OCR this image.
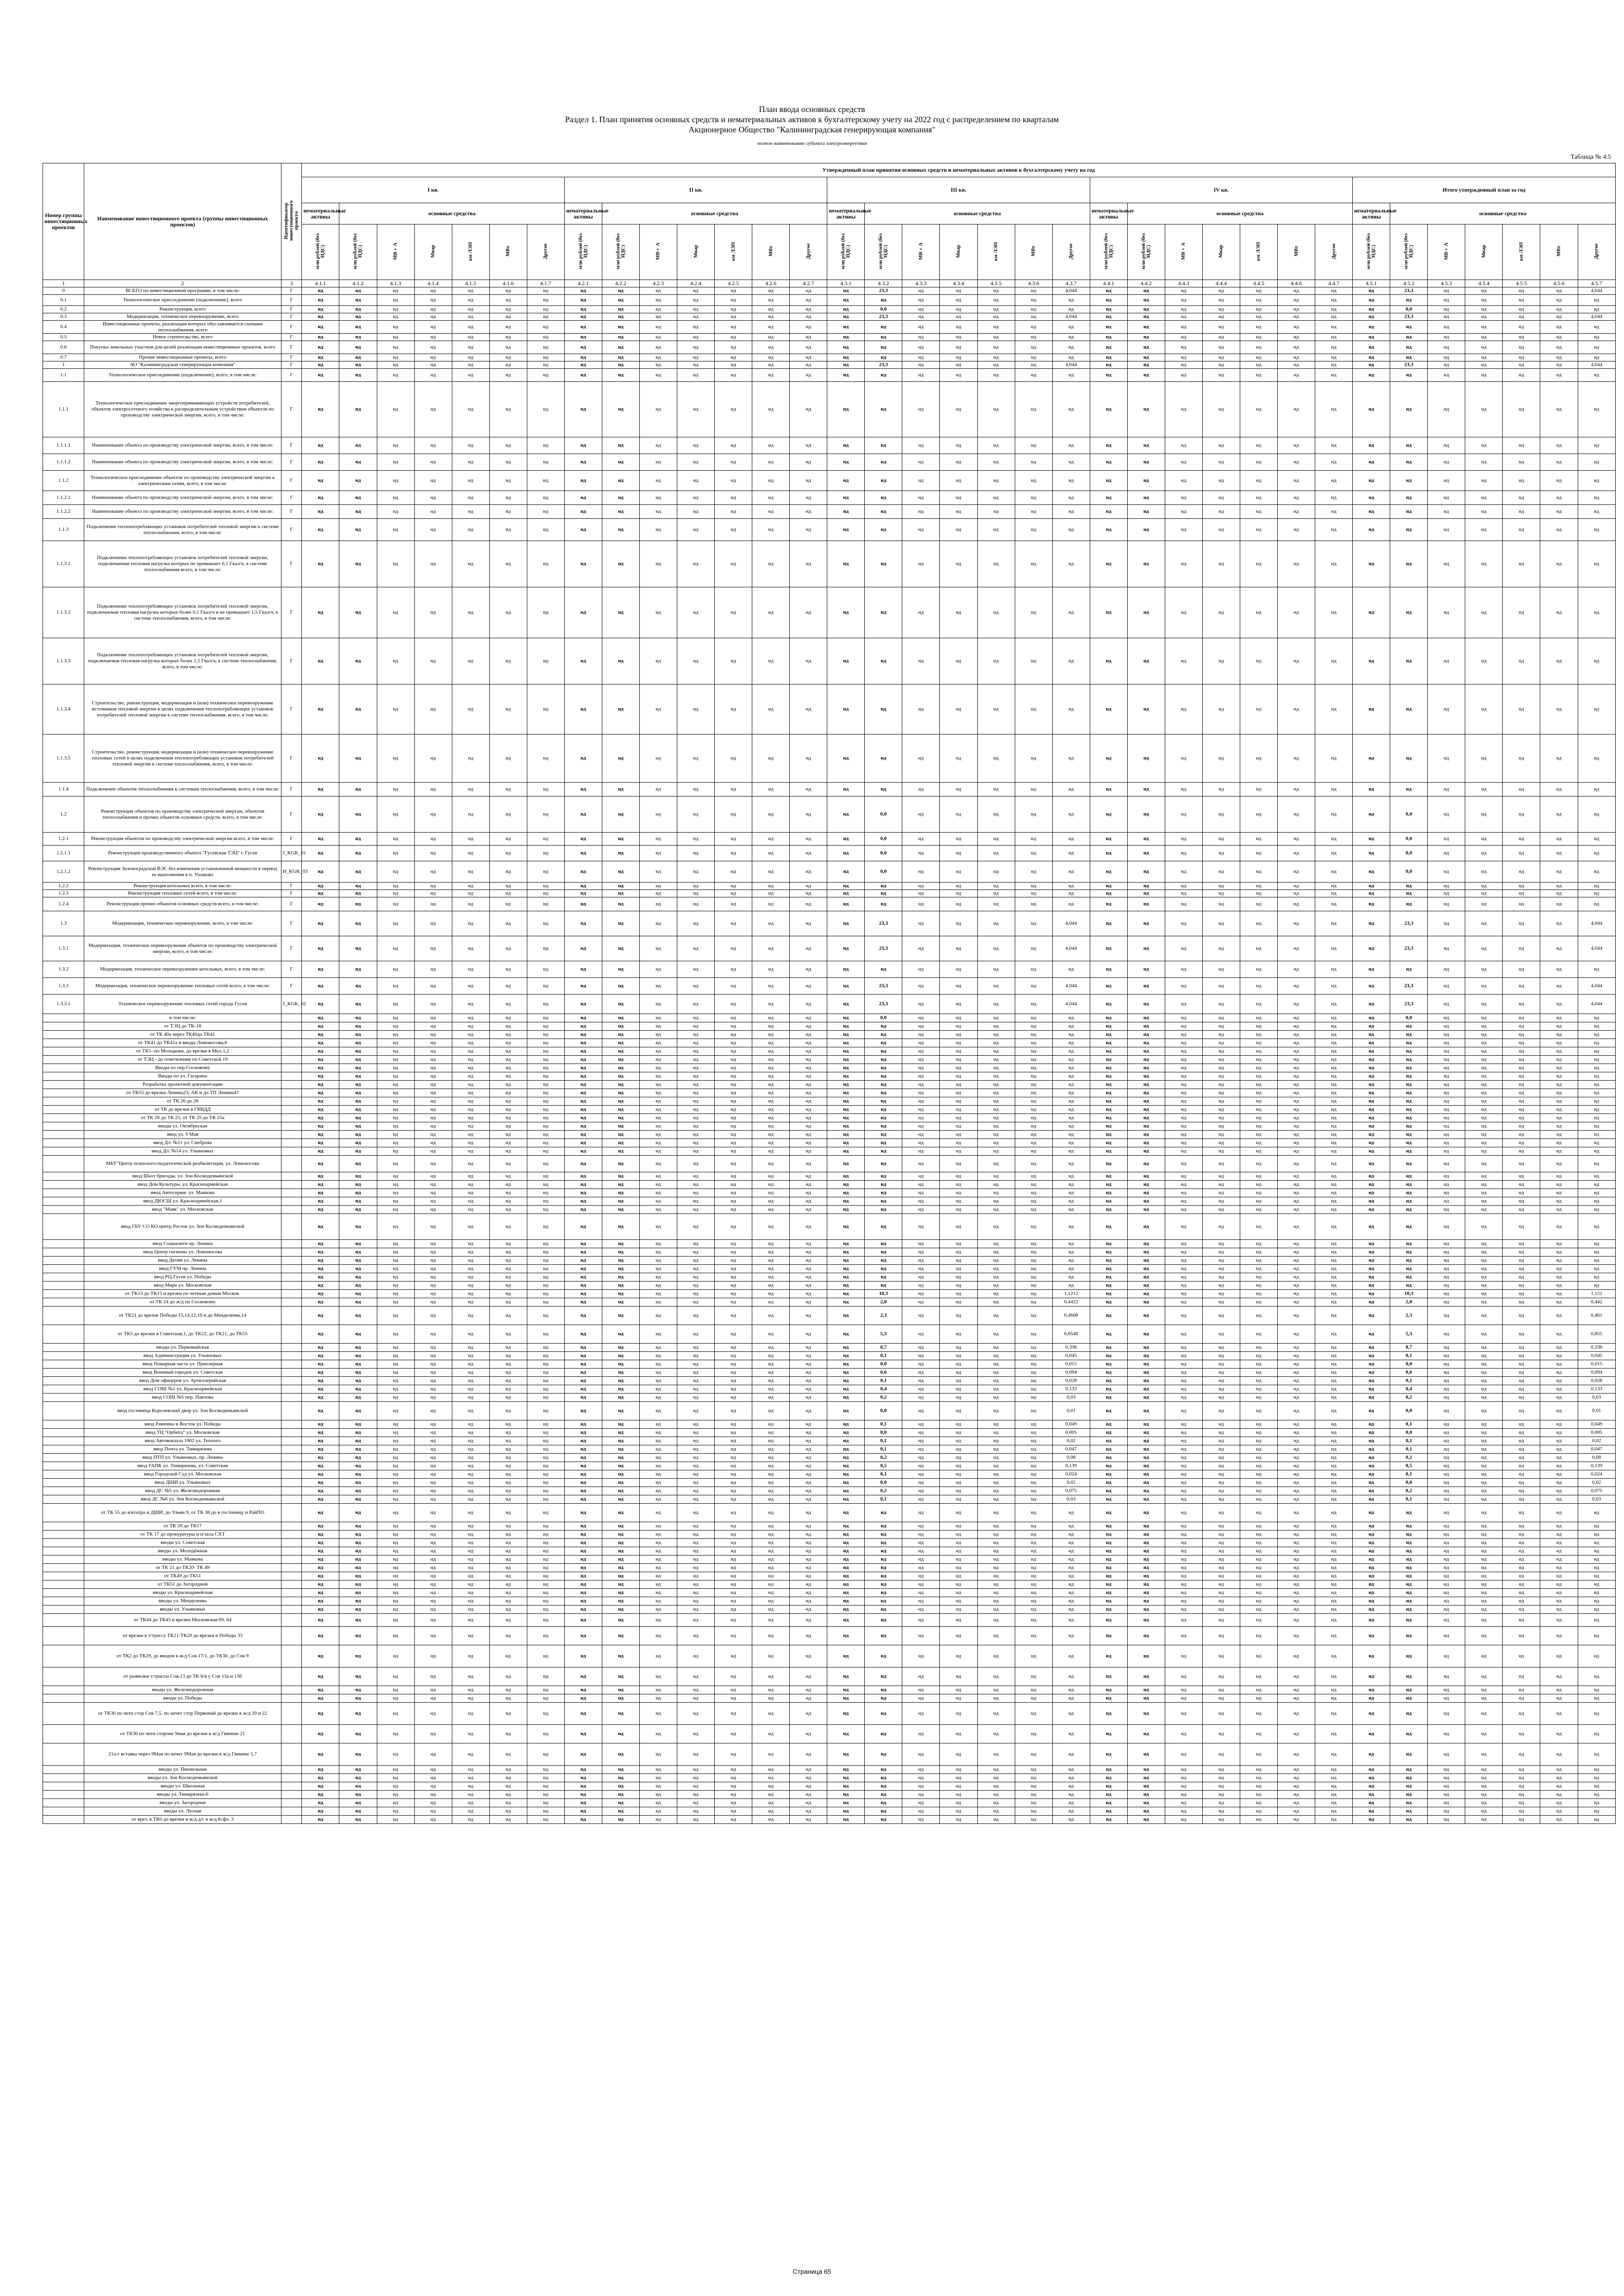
План ввода основных средств
Раздел 1. План принятия основных средств и нематериальных активов к бухгалтерскому учету на 2022 год с распределением по кварталам
Акционерное Общество "Калининградская генерирующая компания"
полное наименование субъекта электроэнергетики
Таблица № 4.5
Номер группы инвестиционных проектов	Наименование инвестиционного проекта (группы инвестиционных проектов)	Идентификатор инвестиционного проекта	Утвержденный план принятия основных средств и нематериальных активов к бухгалтерскому учету на год																																		
			I кв.							II кв.							III кв.							IV кв.							Итого утвержденный план за год						
			нематериальные активы	основные средства						нематериальные активы	основные средства						нематериальные активы	основные средства						нематериальные активы	основные средства						нематериальные активы	основные средства					
			млн рублей (без НДС)	млн рублей (без НДС)	МВ×А	Мвар	км ЛЭП	МВт	Другое	млн рублей (без НДС)	млн рублей (без НДС)	МВ×А	Мвар	км ЛЭП	МВт	Другое	млн рублей (без НДС)	млн рублей (без НДС)	МВ×А	Мвар	км ЛЭП	МВт	Другое	млн рублей (без НДС)	млн рублей (без НДС)	МВ×А	Мвар	км ЛЭП	МВт	Другое	млн рублей (без НДС)	млн рублей (без НДС)	МВ×А	Мвар	км ЛЭП	МВт	Другое
1	2	3	4.1.1	4.1.2	4.1.3	4.1.4	4.1.5	4.1.6	4.1.7	4.2.1	4.2.2	4.2.3	4.2.4	4.2.5	4.2.6	4.2.7	4.3.1	4.3.2	4.3.3	4.3.4	4.3.5	4.3.6	4.3.7	4.4.1	4.4.2	4.4.3	4.4.4	4.4.5	4.4.6	4.4.7	4.5.1	4.5.2	4.5.3	4.5.4	4.5.5	4.5.6	4.5.7
0	ВСЕГО по инвестиционной программе, в том числе:	Г	нд	нд	нд	нд	нд	нд	нд	нд	нд	нд	нд	нд	нд	нд	нд	23,3	нд	нд	нд	нд	4,044	нд	нд	нд	нд	нд	нд	нд	нд	23,3	нд	нд	нд	нд	4,044
0.1	Технологическое присоединение (подключение), всего	Г	нд	нд	нд	нд	нд	нд	нд	нд	нд	нд	нд	нд	нд	нд	нд	нд	нд	нд	нд	нд	нд	нд	нд	нд	нд	нд	нд	нд	нд	нд	нд	нд	нд	нд	нд
0.2	Реконструкция, всего	Г	нд	нд	нд	нд	нд	нд	нд	нд	нд	нд	нд	нд	нд	нд	нд	0,0	нд	нд	нд	нд	нд	нд	нд	нд	нд	нд	нд	нд	нд	0,0	нд	нд	нд	нд	нд
0.3	Модернизация, техническое перевооружение, всего	Г	нд	нд	нд	нд	нд	нд	нд	нд	нд	нд	нд	нд	нд	нд	нд	23,3	нд	нд	нд	нд	4,044	нд	нд	нд	нд	нд	нд	нд	нд	23,3	нд	нд	нд	нд	4,044
0.4	Инвестиционные проекты, реализация которых обуславливается схемами теплоснабжения, всего	Г	нд	нд	нд	нд	нд	нд	нд	нд	нд	нд	нд	нд	нд	нд	нд	нд	нд	нд	нд	нд	нд	нд	нд	нд	нд	нд	нд	нд	нд	нд	нд	нд	нд	нд	нд
0.5	Новое строительство, всего	Г	нд	нд	нд	нд	нд	нд	нд	нд	нд	нд	нд	нд	нд	нд	нд	нд	нд	нд	нд	нд	нд	нд	нд	нд	нд	нд	нд	нд	нд	нд	нд	нд	нд	нд	нд
0.6	Покупка земельных участков для целей реализации инвестиционных проектов, всего	Г	нд	нд	нд	нд	нд	нд	нд	нд	нд	нд	нд	нд	нд	нд	нд	нд	нд	нд	нд	нд	нд	нд	нд	нд	нд	нд	нд	нд	нд	нд	нд	нд	нд	нд	нд
0.7	Прочие инвестиционные проекты, всего	Г	нд	нд	нд	нд	нд	нд	нд	нд	нд	нд	нд	нд	нд	нд	нд	нд	нд	нд	нд	нд	нд	нд	нд	нд	нд	нд	нд	нд	нд	нд	нд	нд	нд	нд	нд
1	АО "Калининградская генерирующая компания"	Г	нд	нд	нд	нд	нд	нд	нд	нд	нд	нд	нд	нд	нд	нд	нд	23,3	нд	нд	нд	нд	4,044	нд	нд	нд	нд	нд	нд	нд	нд	23,3	нд	нд	нд	нд	4,044
1.1	Технологическое присоединение (подключение), всего, в том числе:	Г	нд	нд	нд	нд	нд	нд	нд	нд	нд	нд	нд	нд	нд	нд	нд	нд	нд	нд	нд	нд	нд	нд	нд	нд	нд	нд	нд	нд	нд	нд	нд	нд	нд	нд	нд
1.1.1	Технологическое присоединение энергопринимающих устройств потребителей, объектов электросетевого хозяйства к распределительным устройствам объектов по производству электрической энергии, всего, в том числе:	Г	нд	нд	нд	нд	нд	нд	нд	нд	нд	нд	нд	нд	нд	нд	нд	нд	нд	нд	нд	нд	нд	нд	нд	нд	нд	нд	нд	нд	нд	нд	нд	нд	нд	нд	нд
1.1.1.1	Наименование объекта по производству электрической энергии, всего, в том числе:	Г	нд	нд	нд	нд	нд	нд	нд	нд	нд	нд	нд	нд	нд	нд	нд	нд	нд	нд	нд	нд	нд	нд	нд	нд	нд	нд	нд	нд	нд	нд	нд	нд	нд	нд	нд
1.1.1.2	Наименование объекта по производству электрической энергии, всего, в том числе:	Г	нд	нд	нд	нд	нд	нд	нд	нд	нд	нд	нд	нд	нд	нд	нд	нд	нд	нд	нд	нд	нд	нд	нд	нд	нд	нд	нд	нд	нд	нд	нд	нд	нд	нд	нд
1.1.2	Технологическое присоединение объектов по производству электрической энергии к электрическим сетям, всего, в том числе:	Г	нд	нд	нд	нд	нд	нд	нд	нд	нд	нд	нд	нд	нд	нд	нд	нд	нд	нд	нд	нд	нд	нд	нд	нд	нд	нд	нд	нд	нд	нд	нд	нд	нд	нд	нд
1.1.2.1	Наименование объекта по производству электрической энергии, всего, в том числе:	Г	нд	нд	нд	нд	нд	нд	нд	нд	нд	нд	нд	нд	нд	нд	нд	нд	нд	нд	нд	нд	нд	нд	нд	нд	нд	нд	нд	нд	нд	нд	нд	нд	нд	нд	нд
1.1.2.2	Наименование объекта по производству электрической энергии, всего, в том числе:	Г	нд	нд	нд	нд	нд	нд	нд	нд	нд	нд	нд	нд	нд	нд	нд	нд	нд	нд	нд	нд	нд	нд	нд	нд	нд	нд	нд	нд	нд	нд	нд	нд	нд	нд	нд
1.1.3	Подключение теплопотребляющих установок потребителей тепловой энергии к системе теплоснабжения, всего, в том числе:	Г	нд	нд	нд	нд	нд	нд	нд	нд	нд	нд	нд	нд	нд	нд	нд	нд	нд	нд	нд	нд	нд	нд	нд	нд	нд	нд	нд	нд	нд	нд	нд	нд	нд	нд	нд
1.1.3.1	Подключение теплопотребляющих установок потребителей тепловой энергии, подключаемая тепловая нагрузка которых не превышает 0,1 Гкал/ч, к системе теплоснабжения всего, в том числе:	Г	нд	нд	нд	нд	нд	нд	нд	нд	нд	нд	нд	нд	нд	нд	нд	нд	нд	нд	нд	нд	нд	нд	нд	нд	нд	нд	нд	нд	нд	нд	нд	нд	нд	нд	нд
1.1.3.2	Подключение теплопотребляющих установок потребителей тепловой энергии, подключаемая тепловая нагрузка которых более 0,1 Гкал/ч и не превышает 1,5 Гкал/ч, к системе теплоснабжения, всего, в том числе:	Г	нд	нд	нд	нд	нд	нд	нд	нд	нд	нд	нд	нд	нд	нд	нд	нд	нд	нд	нд	нд	нд	нд	нд	нд	нд	нд	нд	нд	нд	нд	нд	нд	нд	нд	нд
1.1.3.3	Подключение теплопотребляющих установок потребителей тепловой энергии, подключаемая тепловая нагрузка которых более 1,5 Гкал/ч, к системе теплоснабжения, всего, в том числе:	Г	нд	нд	нд	нд	нд	нд	нд	нд	нд	нд	нд	нд	нд	нд	нд	нд	нд	нд	нд	нд	нд	нд	нд	нд	нд	нд	нд	нд	нд	нд	нд	нд	нд	нд	нд
1.1.3.4	Строительство, реконструкция, модернизация и (или) техническое перевооружение источников тепловой энергии в целях подключения теплопотребляющих установок потребителей тепловой энергии к системе теплоснабжения, всего, в том числе:	Г	нд	нд	нд	нд	нд	нд	нд	нд	нд	нд	нд	нд	нд	нд	нд	нд	нд	нд	нд	нд	нд	нд	нд	нд	нд	нд	нд	нд	нд	нд	нд	нд	нд	нд	нд
1.1.3.5	Строительство, реконструкция, модернизация и (или) техническое перевооружение тепловых сетей в целях подключения теплопотребляющих установок потребителей тепловой энергии к системе теплоснабжения, всего, в том числе:	Г	нд	нд	нд	нд	нд	нд	нд	нд	нд	нд	нд	нд	нд	нд	нд	нд	нд	нд	нд	нд	нд	нд	нд	нд	нд	нд	нд	нд	нд	нд	нд	нд	нд	нд	нд
1.1.4	Подключение объектов теплоснабжения к системам теплоснабжения, всего, в том числе:	Г	нд	нд	нд	нд	нд	нд	нд	нд	нд	нд	нд	нд	нд	нд	нд	нд	нд	нд	нд	нд	нд	нд	нд	нд	нд	нд	нд	нд	нд	нд	нд	нд	нд	нд	нд
1.2	Реконструкция объектов по производству электрической энергии, объектов теплоснабжения и прочих объектов основных средств, всего, в том числе:	Г	нд	нд	нд	нд	нд	нд	нд	нд	нд	нд	нд	нд	нд	нд	нд	0,0	нд	нд	нд	нд	нд	нд	нд	нд	нд	нд	нд	нд	нд	0,0	нд	нд	нд	нд	нд
1.2.1	Реконструкция объектов по производству электрической энергии всего, в том числе:	Г	нд	нд	нд	нд	нд	нд	нд	нд	нд	нд	нд	нд	нд	нд	нд	0,0	нд	нд	нд	нд	нд	нд	нд	нд	нд	нд	нд	нд	нд	0,0	нд	нд	нд	нд	нд
1.2.1.1	Реконструкция производственного объекта "Гусевская ТЭЦ" г. Гусев	J_KGK_01	нд	нд	нд	нд	нд	нд	нд	нд	нд	нд	нд	нд	нд	нд	нд	0,0	нд	нд	нд	нд	нд	нд	нд	нд	нд	нд	нд	нд	нд	0,0	нд	нд	нд	нд	нд
1.2.1.2	Реконструкция Зеленоградской ВЭС без изменения установленной мощности в период ее выполнения в п. Ушаково	H_KGK_03	нд	нд	нд	нд	нд	нд	нд	нд	нд	нд	нд	нд	нд	нд	нд	0,0	нд	нд	нд	нд	нд	нд	нд	нд	нд	нд	нд	нд	нд	0,0	нд	нд	нд	нд	нд
1.2.2	Реконструкция котельных всего, в том числе:	Г	нд	нд	нд	нд	нд	нд	нд	нд	нд	нд	нд	нд	нд	нд	нд	нд	нд	нд	нд	нд	нд	нд	нд	нд	нд	нд	нд	нд	нд	нд	нд	нд	нд	нд	нд
1.2.3	Реконструкция тепловых сетей всего, в том числе:	Г	нд	нд	нд	нд	нд	нд	нд	нд	нд	нд	нд	нд	нд	нд	нд	нд	нд	нд	нд	нд	нд	нд	нд	нд	нд	нд	нд	нд	нд	нд	нд	нд	нд	нд	нд
1.2.4	Реконструкция прочих объектов основных средств всего, в том числе:	Г	нд	нд	нд	нд	нд	нд	нд	нд	нд	нд	нд	нд	нд	нд	нд	нд	нд	нд	нд	нд	нд	нд	нд	нд	нд	нд	нд	нд	нд	нд	нд	нд	нд	нд	нд
1.3	Модернизация, техническое перевооружение, всего, в том числе:	Г	нд	нд	нд	нд	нд	нд	нд	нд	нд	нд	нд	нд	нд	нд	нд	23,3	нд	нд	нд	нд	4,044	нд	нд	нд	нд	нд	нд	нд	нд	23,3	нд	нд	нд	нд	4,044
1.3.1	Модернизация, техническое перевооружение объектов по производству электрической энергии, всего, в том числе:	Г	нд	нд	нд	нд	нд	нд	нд	нд	нд	нд	нд	нд	нд	нд	нд	23,3	нд	нд	нд	нд	4,044	нд	нд	нд	нд	нд	нд	нд	нд	23,3	нд	нд	нд	нд	4,044
1.3.2	Модернизация, техническое перевооружение котельных, всего, в том числе:	Г	нд	нд	нд	нд	нд	нд	нд	нд	нд	нд	нд	нд	нд	нд	нд	нд	нд	нд	нд	нд	нд	нд	нд	нд	нд	нд	нд	нд	нд	нд	нд	нд	нд	нд	нд
1.3.3	Модернизация, техническое перевооружение тепловых сетей всего, в том числе:	Г	нд	нд	нд	нд	нд	нд	нд	нд	нд	нд	нд	нд	нд	нд	нд	23,3	нд	нд	нд	нд	4,044	нд	нд	нд	нд	нд	нд	нд	нд	23,3	нд	нд	нд	нд	4,044
1.3.3.1	Техническое перевооружение тепловых сетей города Гусев	J_KGK_02	нд	нд	нд	нд	нд	нд	нд	нд	нд	нд	нд	нд	нд	нд	нд	23,3	нд	нд	нд	нд	4,044	нд	нд	нд	нд	нд	нд	нд	нд	23,3	нд	нд	нд	нд	4,044
	в том числе:		нд	нд	нд	нд	нд	нд	нд	нд	нд	нд	нд	нд	нд	нд	нд	0,0	нд	нд	нд	нд	нд	нд	нд	нд	нд	нд	нд	нд	нд	0,0	нд	нд	нд	нд	нд
	от ТЭЦ до ТК-18		нд	нд	нд	нд	нд	нд	нд	нд	нд	нд	нд	нд	нд	нд	нд	нд	нд	нд	нд	нд	нд	нд	нд	нд	нд	нд	нд	нд	нд	нд	нд	нд	нд	нд	нд
	от ТК 40а через ТК40до ТК41		нд	нд	нд	нд	нд	нд	нд	нд	нд	нд	нд	нд	нд	нд	нд	нд	нд	нд	нд	нд	нд	нд	нд	нд	нд	нд	нд	нд	нд	нд	нд	нд	нд	нд	нд
	от ТК41 до ТК41а и вводы Ломоносова,6		нд	нд	нд	нд	нд	нд	нд	нд	нд	нд	нд	нд	нд	нд	нд	нд	нд	нд	нд	нд	нд	нд	нд	нд	нд	нд	нд	нд	нд	нд	нд	нд	нд	нд	нд
	от ТК1- по Молодежн, до врезки в Мол.1,2		нд	нд	нд	нд	нд	нд	нд	нд	нд	нд	нд	нд	нд	нд	нд	нд	нд	нд	нд	нд	нд	нд	нд	нд	нд	нд	нд	нд	нд	нд	нд	нд	нд	нд	нд
	от ТЭЦ - до ответвления по Советской 19		нд	нд	нд	нд	нд	нд	нд	нд	нд	нд	нд	нд	нд	нд	нд	нд	нд	нд	нд	нд	нд	нд	нд	нд	нд	нд	нд	нд	нд	нд	нд	нд	нд	нд	нд
	Вводы по пер.Сосновому		нд	нд	нд	нд	нд	нд	нд	нд	нд	нд	нд	нд	нд	нд	нд	нд	нд	нд	нд	нд	нд	нд	нд	нд	нд	нд	нд	нд	нд	нд	нд	нд	нд	нд	нд
	Вводы по ул. Гагарина		нд	нд	нд	нд	нд	нд	нд	нд	нд	нд	нд	нд	нд	нд	нд	нд	нд	нд	нд	нд	нд	нд	нд	нд	нд	нд	нд	нд	нд	нд	нд	нд	нд	нд	нд
	Разработка проектной документации		нд	нд	нд	нд	нд	нд	нд	нд	нд	нд	нд	нд	нд	нд	нд	нд	нд	нд	нд	нд	нд	нд	нд	нд	нд	нд	нд	нд	нд	нд	нд	нд	нд	нд	нд
	от ТК55 до врезки Ленина23, АК и до ТП Ленина47		нд	нд	нд	нд	нд	нд	нд	нд	нд	нд	нд	нд	нд	нд	нд	нд	нд	нд	нд	нд	нд	нд	нд	нд	нд	нд	нд	нд	нд	нд	нд	нд	нд	нд	нд
	от ТК 20 до 26		нд	нд	нд	нд	нд	нд	нд	нд	нд	нд	нд	нд	нд	нд	нд	нд	нд	нд	нд	нд	нд	нд	нд	нд	нд	нд	нд	нд	нд	нд	нд	нд	нд	нд	нд
	от ТК до врезки в ГИБДД		нд	нд	нд	нд	нд	нд	нд	нд	нд	нд	нд	нд	нд	нд	нд	нд	нд	нд	нд	нд	нд	нд	нд	нд	нд	нд	нд	нд	нд	нд	нд	нд	нд	нд	нд
	от ТК 26 до ТК 25, от ТК 25 до ТК 25а		нд	нд	нд	нд	нд	нд	нд	нд	нд	нд	нд	нд	нд	нд	нд	нд	нд	нд	нд	нд	нд	нд	нд	нд	нд	нд	нд	нд	нд	нд	нд	нд	нд	нд	нд
	вводы ул. Октябрьская		нд	нд	нд	нд	нд	нд	нд	нд	нд	нд	нд	нд	нд	нд	нд	нд	нд	нд	нд	нд	нд	нд	нд	нд	нд	нд	нд	нд	нд	нд	нд	нд	нд	нд	нд
	ввод ул. 9 Мая		нд	нд	нд	нд	нд	нд	нд	нд	нд	нд	нд	нд	нд	нд	нд	нд	нд	нд	нд	нд	нд	нд	нд	нд	нд	нд	нд	нд	нд	нд	нд	нд	нд	нд	нд
	ввод Д/с №11 ул. Сиеброва		нд	нд	нд	нд	нд	нд	нд	нд	нд	нд	нд	нд	нд	нд	нд	нд	нд	нд	нд	нд	нд	нд	нд	нд	нд	нд	нд	нд	нд	нд	нд	нд	нд	нд	нд
	ввод Д/с №14 ул. Ульяновых		нд	нд	нд	нд	нд	нд	нд	нд	нд	нд	нд	нд	нд	нд	нд	нд	нд	нд	нд	нд	нд	нд	нд	нд	нд	нд	нд	нд	нд	нд	нд	нд	нд	нд	нд
	МБУ"Центр психолого-педагогической реабилитации, ул. Ломоносова		нд	нд	нд	нд	нд	нд	нд	нд	нд	нд	нд	нд	нд	нд	нд	нд	нд	нд	нд	нд	нд	нд	нд	нд	нд	нд	нд	нд	нд	нд	нд	нд	нд	нд	нд
	ввод Шахт бригады, ул. Зои Космодемьянской		нд	нд	нд	нд	нд	нд	нд	нд	нд	нд	нд	нд	нд	нд	нд	нд	нд	нд	нд	нд	нд	нд	нд	нд	нд	нд	нд	нд	нд	нд	нд	нд	нд	нд	нд
	ввод Дом Культуры, ул. Красноармейская		нд	нд	нд	нд	нд	нд	нд	нд	нд	нд	нд	нд	нд	нд	нд	нд	нд	нд	нд	нд	нд	нд	нд	нд	нд	нд	нд	нд	нд	нд	нд	нд	нд	нд	нд
	ввод Автосервис ул. Маякова		нд	нд	нд	нд	нд	нд	нд	нд	нд	нд	нд	нд	нд	нд	нд	нд	нд	нд	нд	нд	нд	нд	нд	нд	нд	нд	нд	нд	нд	нд	нд	нд	нд	нд	нд
	ввод ДЮСШ ул. Красноармейская,1		нд	нд	нд	нд	нд	нд	нд	нд	нд	нд	нд	нд	нд	нд	нд	нд	нд	нд	нд	нд	нд	нд	нд	нд	нд	нд	нд	нд	нд	нд	нд	нд	нд	нд	нд
	ввод "Маяк" ул. Московская		нд	нд	нд	нд	нд	нд	нд	нд	нд	нд	нд	нд	нд	нд	нд	нд	нд	нд	нд	нд	нд	нд	нд	нд	нд	нд	нд	нд	нд	нд	нд	нд	нд	нд	нд
	ввод ГБУ СО КО центр Росток ул. Зои Космодемьянской		нд	нд	нд	нд	нд	нд	нд	нд	нд	нд	нд	нд	нд	нд	нд	нд	нд	нд	нд	нд	нд	нд	нд	нд	нд	нд	нд	нд	нд	нд	нд	нд	нд	нд	нд
	ввод Социалити пр. Ленина		нд	нд	нд	нд	нд	нд	нд	нд	нд	нд	нд	нд	нд	нд	нд	нд	нд	нд	нд	нд	нд	нд	нд	нд	нд	нд	нд	нд	нд	нд	нд	нд	нд	нд	нд
	ввод Центр гигиены ул. Ломоносова		нд	нд	нд	нд	нд	нд	нд	нд	нд	нд	нд	нд	нд	нд	нд	нд	нд	нд	нд	нд	нд	нд	нд	нд	нд	нд	нд	нд	нд	нд	нд	нд	нд	нд	нд
	ввод Детям ул. Ленина		нд	нд	нд	нд	нд	нд	нд	нд	нд	нд	нд	нд	нд	нд	нд	нд	нд	нд	нд	нд	нд	нд	нд	нд	нд	нд	нд	нд	нд	нд	нд	нд	нд	нд	нд
	ввод ГУМ пр. Ленина		нд	нд	нд	нд	нд	нд	нд	нд	нд	нд	нд	нд	нд	нд	нд	нд	нд	нд	нд	нд	нд	нд	нд	нд	нд	нд	нд	нд	нд	нд	нд	нд	нд	нд	нд
	ввод РЦ-Гусев ул. Победы		нд	нд	нд	нд	нд	нд	нд	нд	нд	нд	нд	нд	нд	нд	нд	нд	нд	нд	нд	нд	нд	нд	нд	нд	нд	нд	нд	нд	нд	нд	нд	нд	нд	нд	нд
	ввод Мира ул. Московская		нд	нд	нд	нд	нд	нд	нд	нд	нд	нд	нд	нд	нд	нд	нд	нд	нд	нд	нд	нд	нд	нд	нд	нд	нд	нд	нд	нд	нд	нд	нд	нд	нд	нд	нд
	от ТК13 до ТК15 и врезки по четным домам Москов.		нд	нд	нд	нд	нд	нд	нд	нд	нд	нд	нд	нд	нд	нд	нд	10,3	нд	нд	нд	нд	1,1212	нд	нд	нд	нд	нд	нд	нд	нд	10,3	нд	нд	нд	нд	1,121
	от ТК 24 до ж/д по Сосновому		нд	нд	нд	нд	нд	нд	нд	нд	нд	нд	нд	нд	нд	нд	нд	2,0	нд	нд	нд	нд	0,4422	нд	нд	нд	нд	нд	нд	нд	нд	2,0	нд	нд	нд	нд	0,442
	от ТК21 до врезок Победы 15,14,12,10 и до Менделеева,14		нд	нд	нд	нд	нд	нд	нд	нд	нд	нд	нд	нд	нд	нд	нд	2,3	нд	нд	нд	нд	0,4608	нд	нд	нд	нд	нд	нд	нд	нд	2,3	нд	нд	нд	нд	0,461
	от ТК5 до врезки в Советская,1, до ТК22, до ТК21, до ТК55		нд	нд	нд	нд	нд	нд	нд	нд	нд	нд	нд	нд	нд	нд	нд	5,3	нд	нд	нд	нд	0,8548	нд	нд	нд	нд	нд	нд	нд	нд	5,3	нд	нд	нд	нд	0,855
	вводы ул. Первомайская		нд	нд	нд	нд	нд	нд	нд	нд	нд	нд	нд	нд	нд	нд	нд	0,7	нд	нд	нд	нд	0,336	нд	нд	нд	нд	нд	нд	нд	нд	0,7	нд	нд	нд	нд	0,336
	ввод Администрация ул. Ульяновых		нд	нд	нд	нд	нд	нд	нд	нд	нд	нд	нд	нд	нд	нд	нд	0,1	нд	нд	нд	нд	0,045	нд	нд	нд	нд	нд	нд	нд	нд	0,1	нд	нд	нд	нд	0,045
	ввод Пожарная часть ул. Приозерная		нд	нд	нд	нд	нд	нд	нд	нд	нд	нд	нд	нд	нд	нд	нд	0,0	нд	нд	нд	нд	0,015	нд	нд	нд	нд	нд	нд	нд	нд	0,0	нд	нд	нд	нд	0,015
	ввод Военный городок ул. Советская		нд	нд	нд	нд	нд	нд	нд	нд	нд	нд	нд	нд	нд	нд	нд	0,6	нд	нд	нд	нд	0,094	нд	нд	нд	нд	нд	нд	нд	нд	0,6	нд	нд	нд	нд	0,094
	ввод Дом офицеров ул. Артиллерийская		нд	нд	нд	нд	нд	нд	нд	нд	нд	нд	нд	нд	нд	нд	нд	0,1	нд	нд	нд	нд	0,028	нд	нд	нд	нд	нд	нд	нд	нд	0,1	нд	нд	нд	нд	0,028
	ввод СОШ №1 ул. Красноармейская		нд	нд	нд	нд	нд	нд	нд	нд	нд	нд	нд	нд	нд	нд	нд	0,4	нд	нд	нд	нд	0,133	нд	нд	нд	нд	нд	нд	нд	нд	0,4	нд	нд	нд	нд	0,133
	ввод СОШ №5 пер. Павлова		нд	нд	нд	нд	нд	нд	нд	нд	нд	нд	нд	нд	нд	нд	нд	0,2	нд	нд	нд	нд	0,03	нд	нд	нд	нд	нд	нд	нд	нд	0,2	нд	нд	нд	нд	0,03
	ввод гостиница Королевский двор ул. Зои Космодемьянской		нд	нд	нд	нд	нд	нд	нд	нд	нд	нд	нд	нд	нд	нд	нд	0,0	нд	нд	нд	нд	0,01	нд	нд	нд	нд	нд	нд	нд	нд	0,0	нд	нд	нд	нд	0,01
	ввод Рампина и Восток ул. Победы		нд	нд	нд	нд	нд	нд	нд	нд	нд	нд	нд	нд	нд	нд	нд	0,1	нд	нд	нд	нд	0,049	нд	нд	нд	нд	нд	нд	нд	нд	0,1	нд	нд	нд	нд	0,049
	ввод ТЦ "Орбита" ул. Московская		нд	нд	нд	нд	нд	нд	нд	нд	нд	нд	нд	нд	нд	нд	нд	0,0	нд	нд	нд	нд	0,005	нд	нд	нд	нд	нд	нд	нд	нд	0,0	нд	нд	нд	нд	0,005
	ввод Автовокзала 1902 ул. Теплого		нд	нд	нд	нд	нд	нд	нд	нд	нд	нд	нд	нд	нд	нд	нд	0,1	нд	нд	нд	нд	0,02	нд	нд	нд	нд	нд	нд	нд	нд	0,1	нд	нд	нд	нд	0,02
	ввод Почта ул. Тимирязева		нд	нд	нд	нд	нд	нд	нд	нд	нд	нд	нд	нд	нд	нд	нд	0,1	нд	нд	нд	нд	0,047	нд	нд	нд	нд	нд	нд	нд	нд	0,1	нд	нд	нд	нд	0,047
	ввод ПТП ул. Ульяновых, пр. Ленина		нд	нд	нд	нд	нд	нд	нд	нд	нд	нд	нд	нд	нд	нд	нд	0,2	нд	нд	нд	нд	0,08	нд	нд	нд	нд	нд	нд	нд	нд	0,2	нд	нд	нд	нд	0,08
	ввод ГАПК ул. Тимирязева, ул. Советская		нд	нд	нд	нд	нд	нд	нд	нд	нд	нд	нд	нд	нд	нд	нд	0,5	нд	нд	нд	нд	0,139	нд	нд	нд	нд	нд	нд	нд	нд	0,5	нд	нд	нд	нд	0,139
	ввод Городской Суд ул. Московская		нд	нд	нд	нд	нд	нд	нд	нд	нд	нд	нд	нд	нд	нд	нд	0,1	нд	нд	нд	нд	0,024	нд	нд	нд	нд	нд	нд	нд	нд	0,1	нд	нд	нд	нд	0,024
	ввод ДШИ ул. Ульяновых		нд	нд	нд	нд	нд	нд	нд	нд	нд	нд	нд	нд	нд	нд	нд	0,0	нд	нд	нд	нд	0,02	нд	нд	нд	нд	нд	нд	нд	нд	0,0	нд	нд	нд	нд	0,02
	ввод ДС №5 ул. Железнодорожная		нд	нд	нд	нд	нд	нд	нд	нд	нд	нд	нд	нд	нд	нд	нд	0,2	нд	нд	нд	нд	0,075	нд	нд	нд	нд	нд	нд	нд	нд	0,2	нд	нд	нд	нд	0,075
	ввод ДС №6 ул. Зои Космодемьянской		нд	нд	нд	нд	нд	нд	нд	нд	нд	нд	нд	нд	нд	нд	нд	0,1	нд	нд	нд	нд	0,03	нд	нд	нд	нд	нд	нд	нд	нд	0,1	нд	нд	нд	нд	0,03
	от ТК 55 до в/ктатра и ДШИ, до Ульян 9, от ТК 38 до в гостиницу и РайПО		нд	нд	нд	нд	нд	нд	нд	нд	нд	нд	нд	нд	нд	нд	нд	нд	нд	нд	нд	нд	нд	нд	нд	нд	нд	нд	нд	нд	нд	нд	нд	нд	нд	нд	нд
	от ТК 20 до ТК17		нд	нд	нд	нд	нд	нд	нд	нд	нд	нд	нд	нд	нд	нд	нд	нд	нд	нд	нд	нд	нд	нд	нд	нд	нд	нд	нд	нд	нд	нд	нд	нд	нд	нд	нд
	от ТК 17 до прокуратуры и п/зала СХТ		нд	нд	нд	нд	нд	нд	нд	нд	нд	нд	нд	нд	нд	нд	нд	нд	нд	нд	нд	нд	нд	нд	нд	нд	нд	нд	нд	нд	нд	нд	нд	нд	нд	нд	нд
	вводы ул. Советская		нд	нд	нд	нд	нд	нд	нд	нд	нд	нд	нд	нд	нд	нд	нд	нд	нд	нд	нд	нд	нд	нд	нд	нд	нд	нд	нд	нд	нд	нд	нд	нд	нд	нд	нд
	вводы ул. Молодёжная		нд	нд	нд	нд	нд	нд	нд	нд	нд	нд	нд	нд	нд	нд	нд	нд	нд	нд	нд	нд	нд	нд	нд	нд	нд	нд	нд	нд	нд	нд	нд	нд	нд	нд	нд
	вводы ул. Маякова		нд	нд	нд	нд	нд	нд	нд	нд	нд	нд	нд	нд	нд	нд	нд	нд	нд	нд	нд	нд	нд	нд	нд	нд	нд	нд	нд	нд	нд	нд	нд	нд	нд	нд	нд
	от ТК 21 до ТК20- ТК 49		нд	нд	нд	нд	нд	нд	нд	нд	нд	нд	нд	нд	нд	нд	нд	нд	нд	нд	нд	нд	нд	нд	нд	нд	нд	нд	нд	нд	нд	нд	нд	нд	нд	нд	нд
	от ТК49 до ТК51		нд	нд	нд	нд	нд	нд	нд	нд	нд	нд	нд	нд	нд	нд	нд	нд	нд	нд	нд	нд	нд	нд	нд	нд	нд	нд	нд	нд	нд	нд	нд	нд	нд	нд	нд
	от ТК51 до Загородной		нд	нд	нд	нд	нд	нд	нд	нд	нд	нд	нд	нд	нд	нд	нд	нд	нд	нд	нд	нд	нд	нд	нд	нд	нд	нд	нд	нд	нд	нд	нд	нд	нд	нд	нд
	вводы ул. Красноармейская		нд	нд	нд	нд	нд	нд	нд	нд	нд	нд	нд	нд	нд	нд	нд	нд	нд	нд	нд	нд	нд	нд	нд	нд	нд	нд	нд	нд	нд	нд	нд	нд	нд	нд	нд
	вводы ул. Менделеева		нд	нд	нд	нд	нд	нд	нд	нд	нд	нд	нд	нд	нд	нд	нд	нд	нд	нд	нд	нд	нд	нд	нд	нд	нд	нд	нд	нд	нд	нд	нд	нд	нд	нд	нд
	вводы ул. Ульяновых		нд	нд	нд	нд	нд	нд	нд	нд	нд	нд	нд	нд	нд	нд	нд	нд	нд	нд	нд	нд	нд	нд	нд	нд	нд	нд	нд	нд	нд	нд	нд	нд	нд	нд	нд
	от ТК44 до ТК45 и врезки Московская 69, 64		нд	нд	нд	нд	нд	нд	нд	нд	нд	нд	нд	нд	нд	нд	нд	нд	нд	нд	нд	нд	нд	нд	нд	нд	нд	нд	нд	нд	нд	нд	нд	нд	нд	нд	нд
	от врезки в т/трассу ТК21-ТК20 до врезки в Победы 33		нд	нд	нд	нд	нд	нд	нд	нд	нд	нд	нд	нд	нд	нд	нд	нд	нд	нд	нд	нд	нд	нд	нд	нд	нд	нд	нд	нд	нд	нд	нд	нд	нд	нд	нд
	от ТК2 до ТК29, до вводов в ж/д Сов.17/1, до ТК30, до Сов 9		нд	нд	нд	нд	нд	нд	нд	нд	нд	нд	нд	нд	нд	нд	нд	нд	нд	нд	нд	нд	нд	нд	нд	нд	нд	нд	нд	нд	нд	нд	нд	нд	нд	нд	нд
	от развилки т/трассы Сов.13 до ТК 6/в у Сов 13а и 13б		нд	нд	нд	нд	нд	нд	нд	нд	нд	нд	нд	нд	нд	нд	нд	нд	нд	нд	нд	нд	нд	нд	нд	нд	нд	нд	нд	нд	нд	нд	нд	нд	нд	нд	нд
	вводы ул. Железнодорожная		нд	нд	нд	нд	нд	нд	нд	нд	нд	нд	нд	нд	нд	нд	нд	нд	нд	нд	нд	нд	нд	нд	нд	нд	нд	нд	нд	нд	нд	нд	нд	нд	нд	нд	нд
	вводы ул. Победы		нд	нд	нд	нд	нд	нд	нд	нд	нд	нд	нд	нд	нд	нд	нд	нд	нд	нд	нд	нд	нд	нд	нд	нд	нд	нд	нд	нд	нд	нд	нд	нд	нд	нд	нд
	от ТК30 по четн стор Сов 7,5, по нечет стор Первомай до врезки в ж/д 20 и 22		нд	нд	нд	нд	нд	нд	нд	нд	нд	нд	нд	нд	нд	нд	нд	нд	нд	нд	нд	нд	нд	нд	нд	нд	нд	нд	нд	нд	нд	нд	нд	нд	нд	нд	нд
	от ТК30 по четн стороне 9мая до врезки в ж/д Гвинеке 21		нд	нд	нд	нд	нд	нд	нд	нд	нд	нд	нд	нд	нд	нд	нд	нд	нд	нд	нд	нд	нд	нд	нд	нд	нд	нд	нд	нд	нд	нд	нд	нд	нд	нд	нд
	21а-г вставка через 9Мая по нечет 9Мая до врезки в ж/д Гвинеке 5,7		нд	нд	нд	нд	нд	нд	нд	нд	нд	нд	нд	нд	нд	нд	нд	нд	нд	нд	нд	нд	нд	нд	нд	нд	нд	нд	нд	нд	нд	нд	нд	нд	нд	нд	нд
	вводы ул. Пионельная		нд	нд	нд	нд	нд	нд	нд	нд	нд	нд	нд	нд	нд	нд	нд	нд	нд	нд	нд	нд	нд	нд	нд	нд	нд	нд	нд	нд	нд	нд	нд	нд	нд	нд	нд
	вводы ул. Зои Космодемьянской		нд	нд	нд	нд	нд	нд	нд	нд	нд	нд	нд	нд	нд	нд	нд	нд	нд	нд	нд	нд	нд	нд	нд	нд	нд	нд	нд	нд	нд	нд	нд	нд	нд	нд	нд
	вводы ул. Школьная		нд	нд	нд	нд	нд	нд	нд	нд	нд	нд	нд	нд	нд	нд	нд	нд	нд	нд	нд	нд	нд	нд	нд	нд	нд	нд	нд	нд	нд	нд	нд	нд	нд	нд	нд
	вводы ул. Тимирязева-6		нд	нд	нд	нд	нд	нд	нд	нд	нд	нд	нд	нд	нд	нд	нд	нд	нд	нд	нд	нд	нд	нд	нд	нд	нд	нд	нд	нд	нд	нд	нд	нд	нд	нд	нд
	вводы ул. Загородная		нд	нд	нд	нд	нд	нд	нд	нд	нд	нд	нд	нд	нд	нд	нд	нд	нд	нд	нд	нд	нд	нд	нд	нд	нд	нд	нд	нд	нд	нд	нд	нд	нд	нд	нд
	вводы ул. Лесная		нд	нд	нд	нд	нд	нд	нд	нд	нд	нд	нд	нд	нд	нд	нд	нд	нд	нд	нд	нд	нд	нд	нд	нд	нд	нд	нд	нд	нд	нд	нд	нд	нд	нд	нд
	от врез. в ТК0 до врезки в ж/д д/с в ж/д К/фл. 3		нд	нд	нд	нд	нд	нд	нд	нд	нд	нд	нд	нд	нд	нд	нд	нд	нд	нд	нд	нд	нд	нд	нд	нд	нд	нд	нд	нд	нд	нд	нд	нд	нд	нд	нд
Страница 65
